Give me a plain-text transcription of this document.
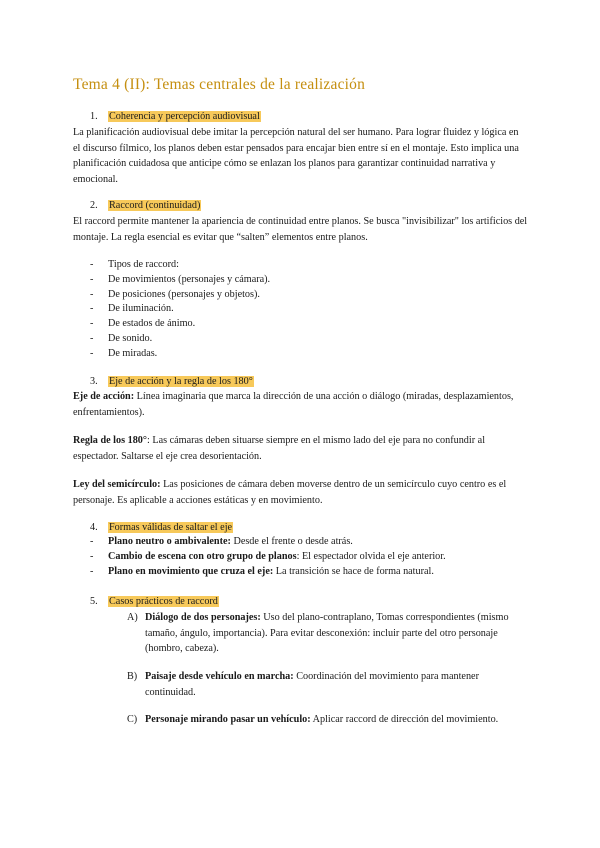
Tema 4 (II): Temas centrales de la realización
1. Coherencia y percepción audiovisual
La planificación audiovisual debe imitar la percepción natural del ser humano. Para lograr fluidez y lógica en el discurso fílmico, los planos deben estar pensados para encajar bien entre sí en el montaje. Esto implica una planificación cuidadosa que anticipe cómo se enlazan los planos para garantizar continuidad narrativa y emocional.
2. Raccord (continuidad)
El raccord permite mantener la apariencia de continuidad entre planos. Se busca "invisibilizar" los artificios del montaje. La regla esencial es evitar que “salten” elementos entre planos.
- Tipos de raccord:
- De movimientos (personajes y cámara).
- De posiciones (personajes y objetos).
- De iluminación.
- De estados de ánimo.
- De sonido.
- De miradas.
3. Eje de acción y la regla de los 180°
Eje de acción: Línea imaginaria que marca la dirección de una acción o diálogo (miradas, desplazamientos, enfrentamientos).
Regla de los 180°: Las cámaras deben situarse siempre en el mismo lado del eje para no confundir al espectador. Saltarse el eje crea desorientación.
Ley del semicírculo: Las posiciones de cámara deben moverse dentro de un semicírculo cuyo centro es el personaje. Es aplicable a acciones estáticas y en movimiento.
4. Formas válidas de saltar el eje
- Plano neutro o ambivalente: Desde el frente o desde atrás.
- Cambio de escena con otro grupo de planos: El espectador olvida el eje anterior.
- Plano en movimiento que cruza el eje: La transición se hace de forma natural.
5. Casos prácticos de raccord
A) Diálogo de dos personajes: Uso del plano-contraplano, Tomas correspondientes (mismo tamaño, ángulo, importancia). Para evitar desconexión: incluir parte del otro personaje (hombro, cabeza).
B) Paisaje desde vehículo en marcha: Coordinación del movimiento para mantener continuidad.
C) Personaje mirando pasar un vehículo: Aplicar raccord de dirección del movimiento.
